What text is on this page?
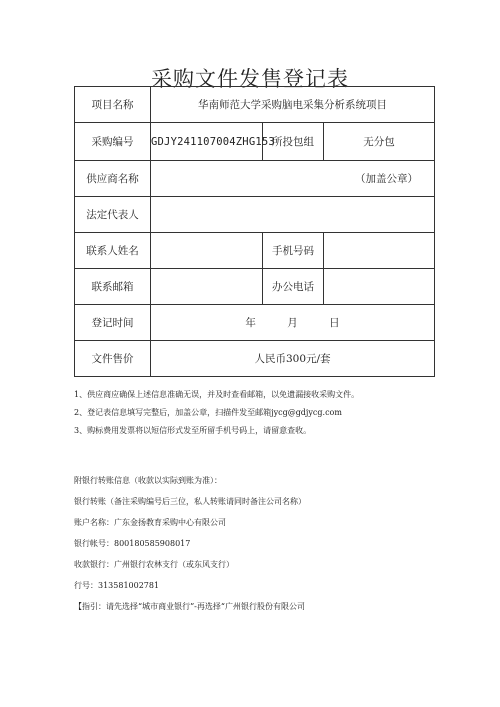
采购文件发售登记表
项目名称	华南师范大学采购脑电采集分析系统项目		
采购编号	GDJY241107004ZHG153	所投包组	无分包
供应商名称	（加盖公章）		
法定代表人			
联系人姓名		手机号码	
联系邮箱		办公电话	
登记时间	年 月 日		
文件售价	人民币300元/套		
1、供应商应确保上述信息准确无误，并及时查看邮箱，以免遗漏接收采购文件。
2、登记表信息填写完整后，加盖公章，扫描件发至邮箱jycg@gdjycg.com
3、购标费用发票将以短信形式发至所留手机号码上，请留意查收。
附银行转账信息（收款以实际到账为准）：
银行转账（备注采购编号后三位，私人转账请同时备注公司名称）
账户名称：广东金扬教育采购中心有限公司
银行帐号：800180585908017
收款银行：广州银行农林支行（或东风支行）
行号：313581002781
【指引：请先选择“城市商业银行”-再选择“广州银行股份有限公司
